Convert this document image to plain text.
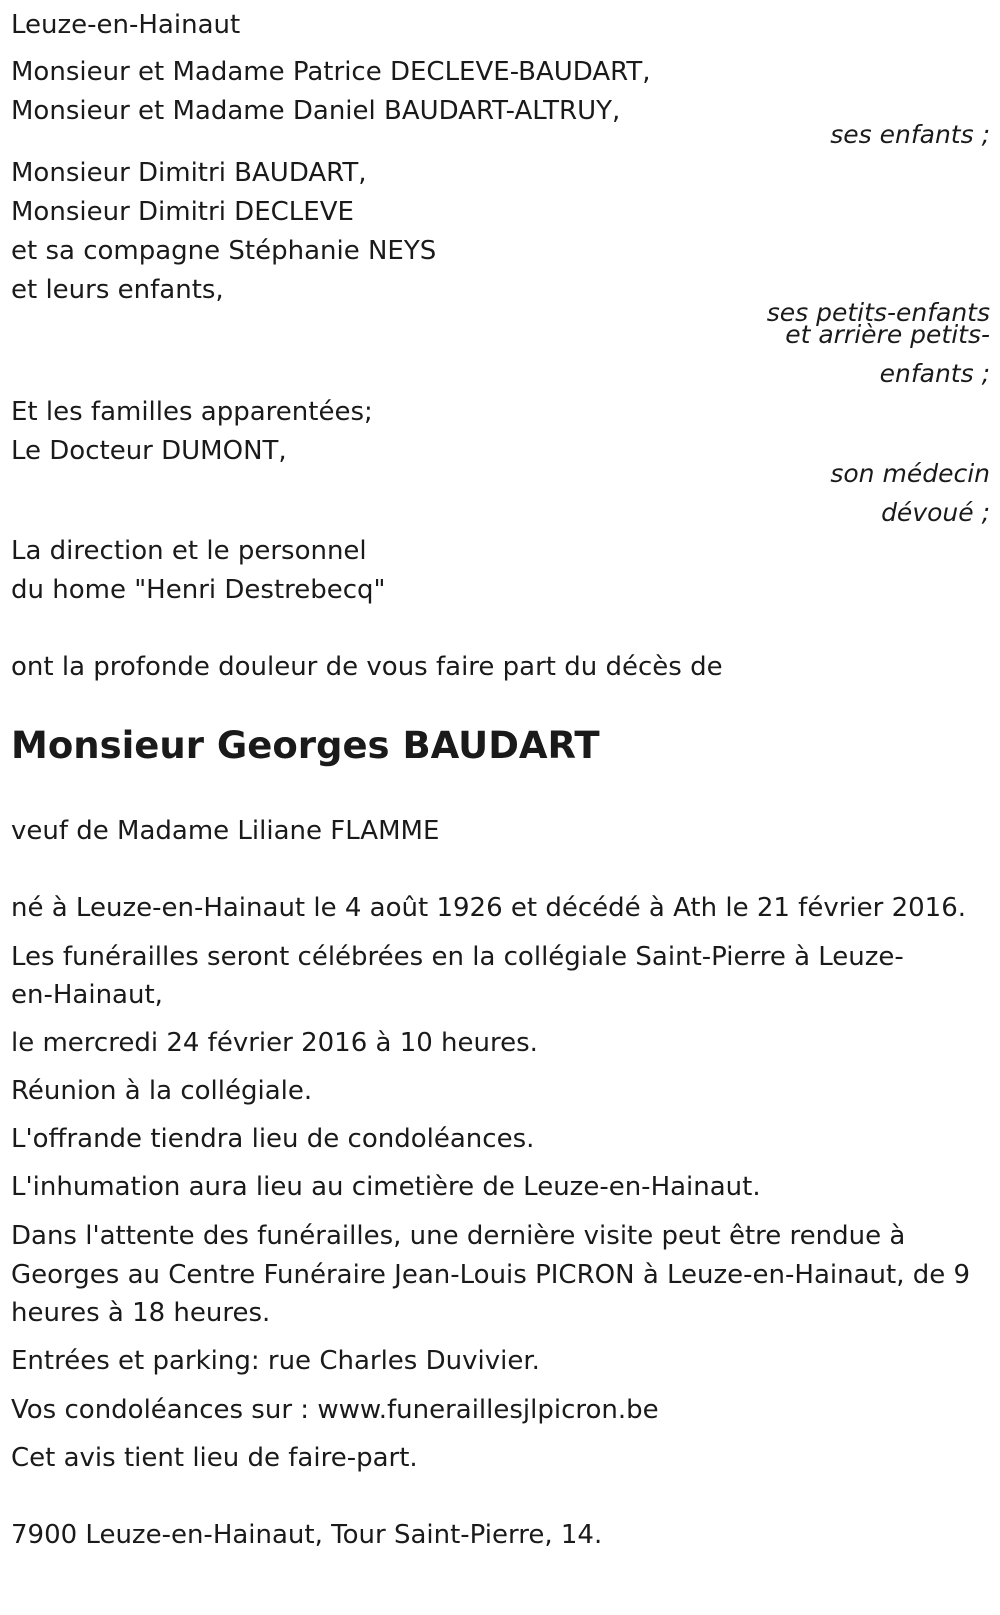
Leuze-en-Hainaut

Monsieur et Madame Patrice DECLEVE-BAUDART,

Monsieur et Madame Daniel BAUDART-ALTRUY,

ses enfants ;

Monsieur Dimitri BAUDART,

Monsieur Dimitri DECLEVE

et sa compagne Stéphanie NEYS

et leurs enfants,

ses petits-enfants

et arrière petits-

enfants ;

Et les familles apparentées;

Le Docteur DUMONT,

son médecin

dévoué ;

La direction et le personnel

du home "Henri Destrebecq"

ont la profonde douleur de vous faire part du décès de

Monsieur Georges BAUDART

veuf de Madame Liliane FLAMME

né à Leuze-en-Hainaut le 4 août 1926 et décédé à Ath le 21 février 2016.

Les funérailles seront célébrées en la collégiale Saint-Pierre à Leuze-

en-Hainaut,

le mercredi 24 février 2016 à 10 heures.

Réunion à la collégiale.

L'offrande tiendra lieu de condoléances.

L'inhumation aura lieu au cimetière de Leuze-en-Hainaut.

Dans l'attente des funérailles, une dernière visite peut être rendue à

Georges au Centre Funéraire Jean-Louis PICRON à Leuze-en-Hainaut, de 9

heures à 18 heures.

Entrées et parking: rue Charles Duvivier.

Vos condoléances sur : www.funeraillesjlpicron.be

Cet avis tient lieu de faire-part.

7900 Leuze-en-Hainaut, Tour Saint-Pierre, 14.
